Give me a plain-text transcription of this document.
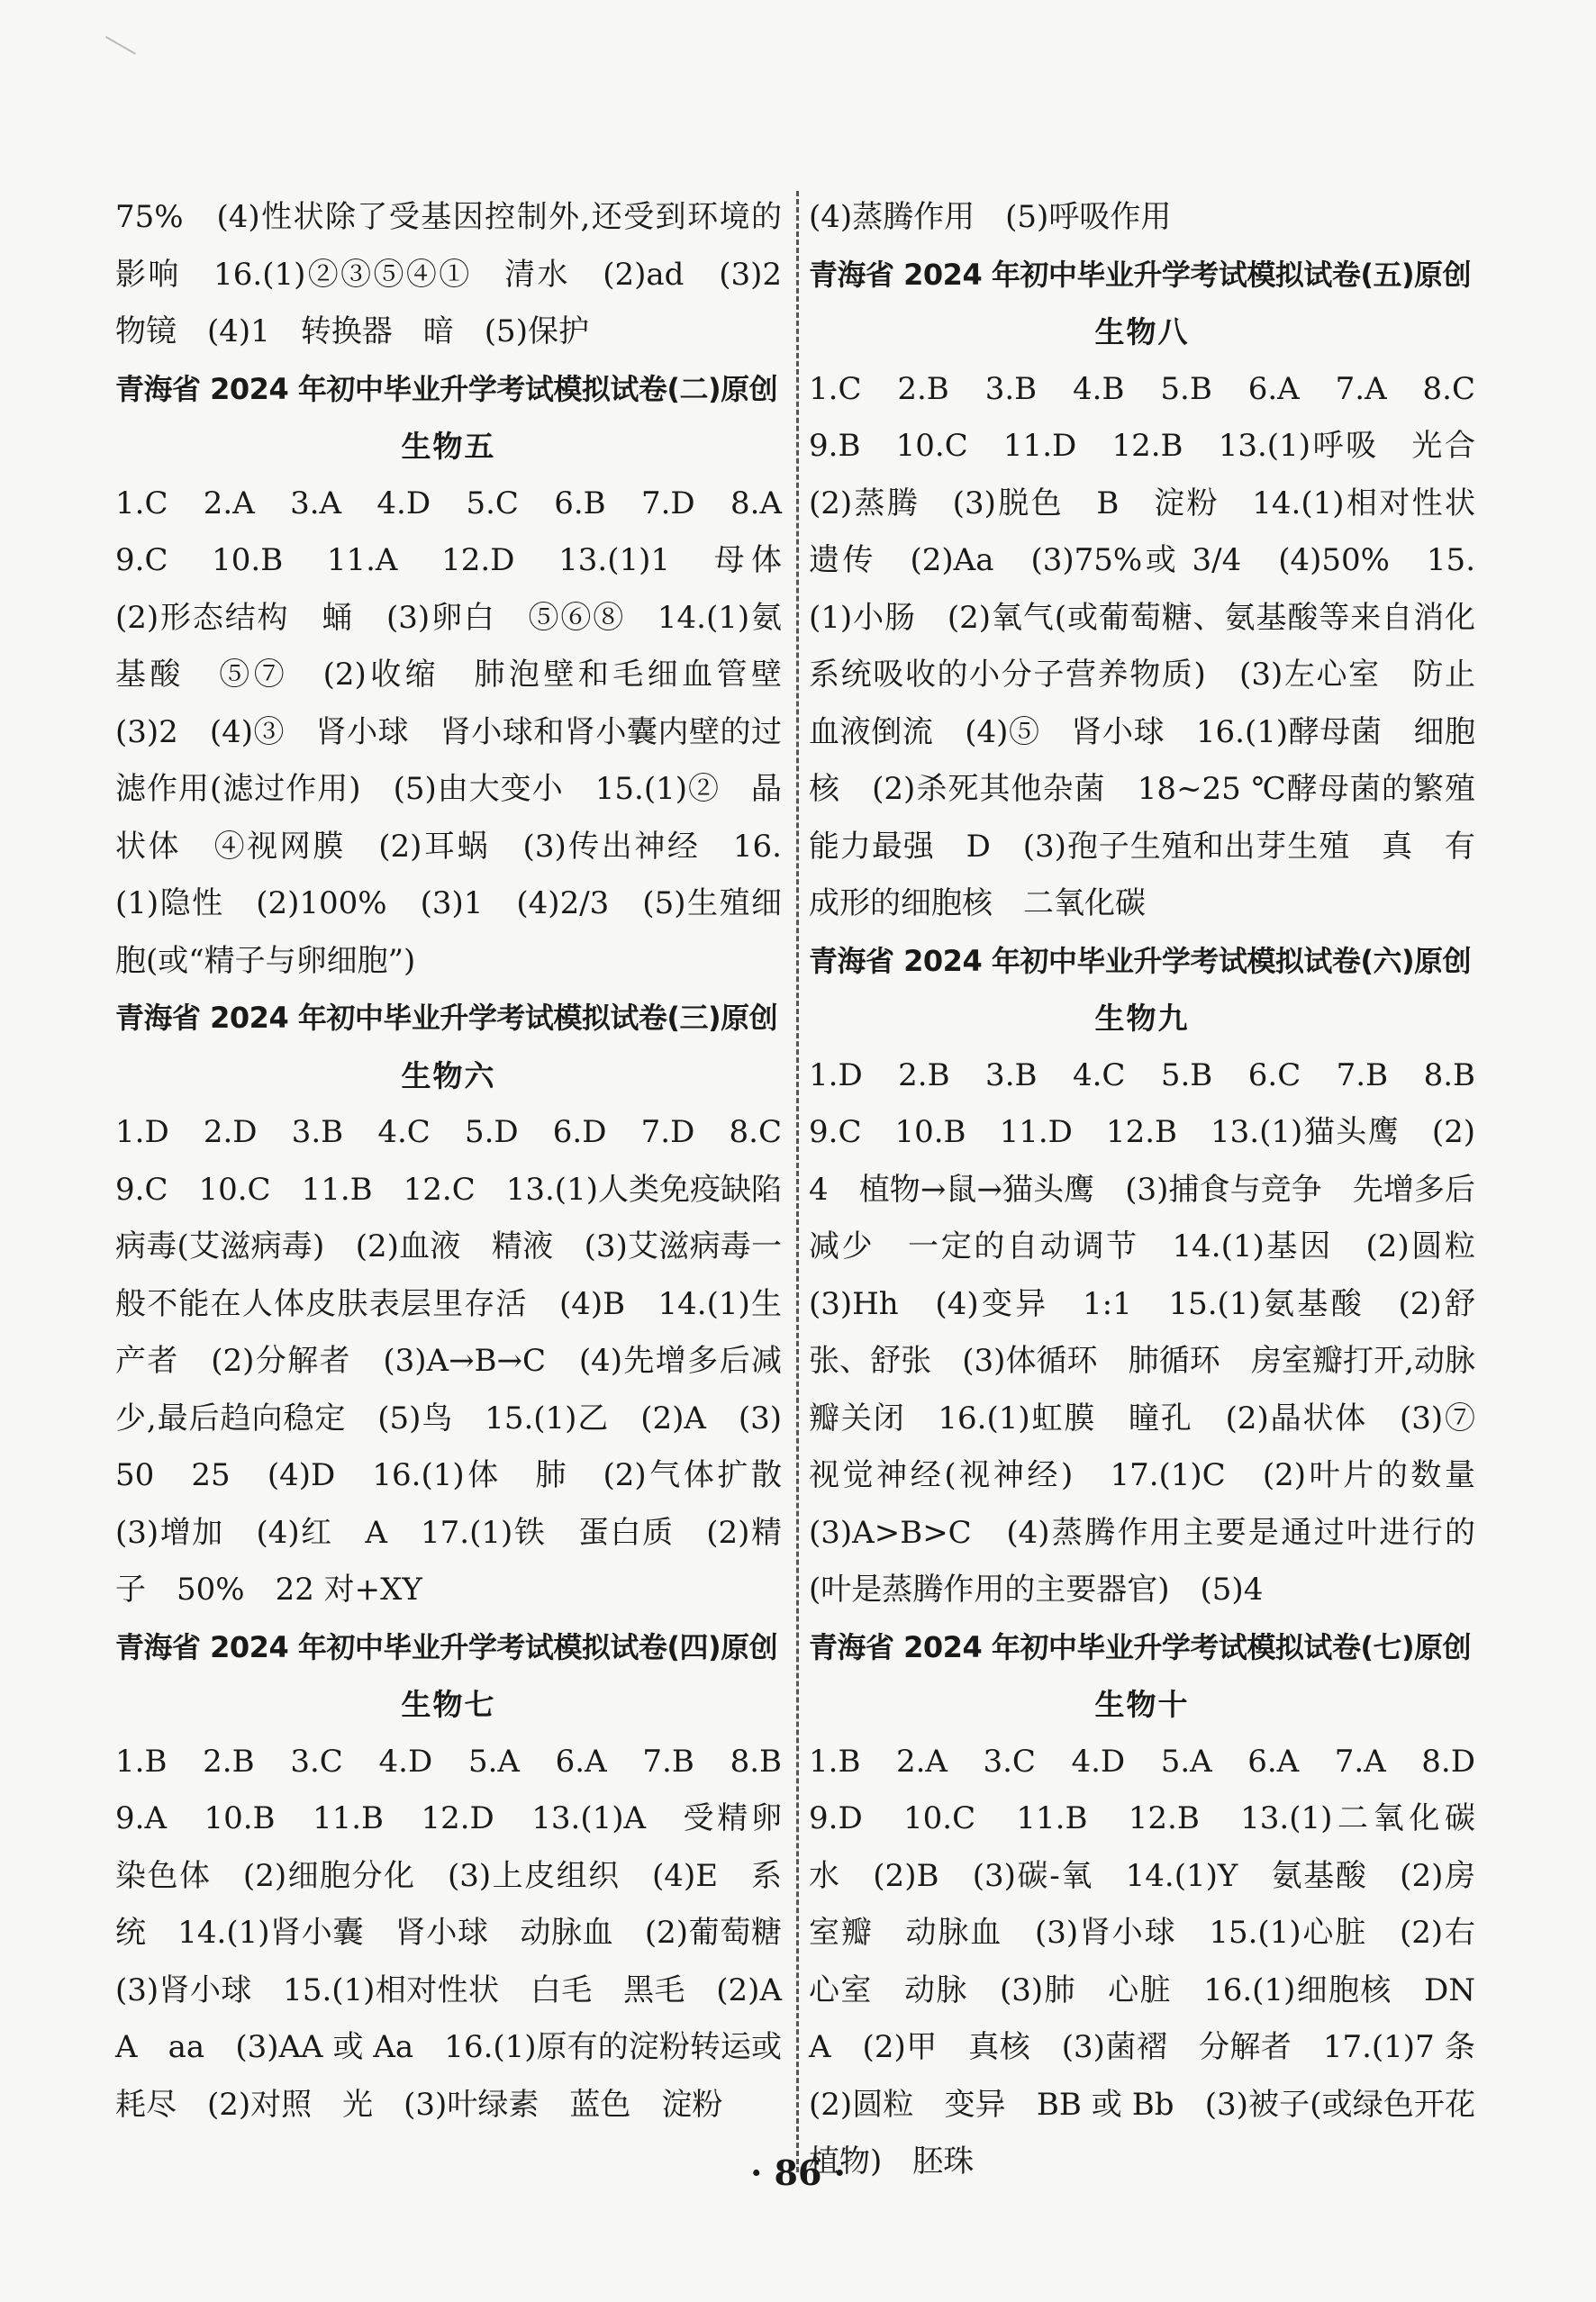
75%　(4)性状除了受基因控制外,还受到环境的影响　16.(1)②③⑤④①　清水　(2)ad　(3)2　物镜　(4)1　转换器　暗　(5)保护

青海省 2024 年初中毕业升学考试模拟试卷(二)原创

生物五

1.C　2.A　3.A　4.D　5.C　6.B　7.D　8.A　9.C　10.B　11.A　12.D　13.(1)1　母体　(2)形态结构　蛹　(3)卵白　⑤⑥⑧　14.(1)氨基酸　⑤⑦　(2)收缩　肺泡壁和毛细血管壁　(3)2　(4)③　肾小球　肾小球和肾小囊内壁的过滤作用(滤过作用)　(5)由大变小　15.(1)②　晶状体　④视网膜　(2)耳蜗　(3)传出神经　16.(1)隐性　(2)100%　(3)1　(4)2/3　(5)生殖细胞(或“精子与卵细胞”)

青海省 2024 年初中毕业升学考试模拟试卷(三)原创

生物六

1.D　2.D　3.B　4.C　5.D　6.D　7.D　8.C　9.C　10.C　11.B　12.C　13.(1)人类免疫缺陷病毒(艾滋病毒)　(2)血液　精液　(3)艾滋病毒一般不能在人体皮肤表层里存活　(4)B　14.(1)生产者　(2)分解者　(3)A→B→C　(4)先增多后减少,最后趋向稳定　(5)鸟　15.(1)乙　(2)A　(3)50　25　(4)D　16.(1)体　肺　(2)气体扩散　(3)增加　(4)红　A　17.(1)铁　蛋白质　(2)精子　50%　22 对+XY

青海省 2024 年初中毕业升学考试模拟试卷(四)原创

生物七

1.B　2.B　3.C　4.D　5.A　6.A　7.B　8.B　9.A　10.B　11.B　12.D　13.(1)A　受精卵　染色体　(2)细胞分化　(3)上皮组织　(4)E　系统　14.(1)肾小囊　肾小球　动脉血　(2)葡萄糖　(3)肾小球　15.(1)相对性状　白毛　黑毛　(2)AA　aa　(3)AA 或 Aa　16.(1)原有的淀粉转运或耗尽　(2)对照　光　(3)叶绿素　蓝色　淀粉

(4)蒸腾作用　(5)呼吸作用

青海省 2024 年初中毕业升学考试模拟试卷(五)原创

生物八

1.C　2.B　3.B　4.B　5.B　6.A　7.A　8.C　9.B　10.C　11.D　12.B　13.(1)呼吸　光合　(2)蒸腾　(3)脱色　B　淀粉　14.(1)相对性状　遗传　(2)Aa　(3)75%或 3/4　(4)50%　15.(1)小肠　(2)氧气(或葡萄糖、氨基酸等来自消化系统吸收的小分子营养物质)　(3)左心室　防止血液倒流　(4)⑤　肾小球　16.(1)酵母菌　细胞核　(2)杀死其他杂菌　18~25 ℃酵母菌的繁殖能力最强　D　(3)孢子生殖和出芽生殖　真　有成形的细胞核　二氧化碳

青海省 2024 年初中毕业升学考试模拟试卷(六)原创

生物九

1.D　2.B　3.B　4.C　5.B　6.C　7.B　8.B　9.C　10.B　11.D　12.B　13.(1)猫头鹰　(2)4　植物→鼠→猫头鹰　(3)捕食与竞争　先增多后减少　一定的自动调节　14.(1)基因　(2)圆粒　(3)Hh　(4)变异　1:1　15.(1)氨基酸　(2)舒张、舒张　(3)体循环　肺循环　房室瓣打开,动脉瓣关闭　16.(1)虹膜　瞳孔　(2)晶状体　(3)⑦　视觉神经(视神经)　17.(1)C　(2)叶片的数量　(3)A>B>C　(4)蒸腾作用主要是通过叶进行的(叶是蒸腾作用的主要器官)　(5)4

青海省 2024 年初中毕业升学考试模拟试卷(七)原创

生物十

1.B　2.A　3.C　4.D　5.A　6.A　7.A　8.D　9.D　10.C　11.B　12.B　13.(1)二氧化碳　水　(2)B　(3)碳-氧　14.(1)Y　氨基酸　(2)房室瓣　动脉血　(3)肾小球　15.(1)心脏　(2)右心室　动脉　(3)肺　心脏　16.(1)细胞核　DNA　(2)甲　真核　(3)菌褶　分解者　17.(1)7 条　(2)圆粒　变异　BB 或 Bb　(3)被子(或绿色开花植物)　胚珠

· 86 ·
